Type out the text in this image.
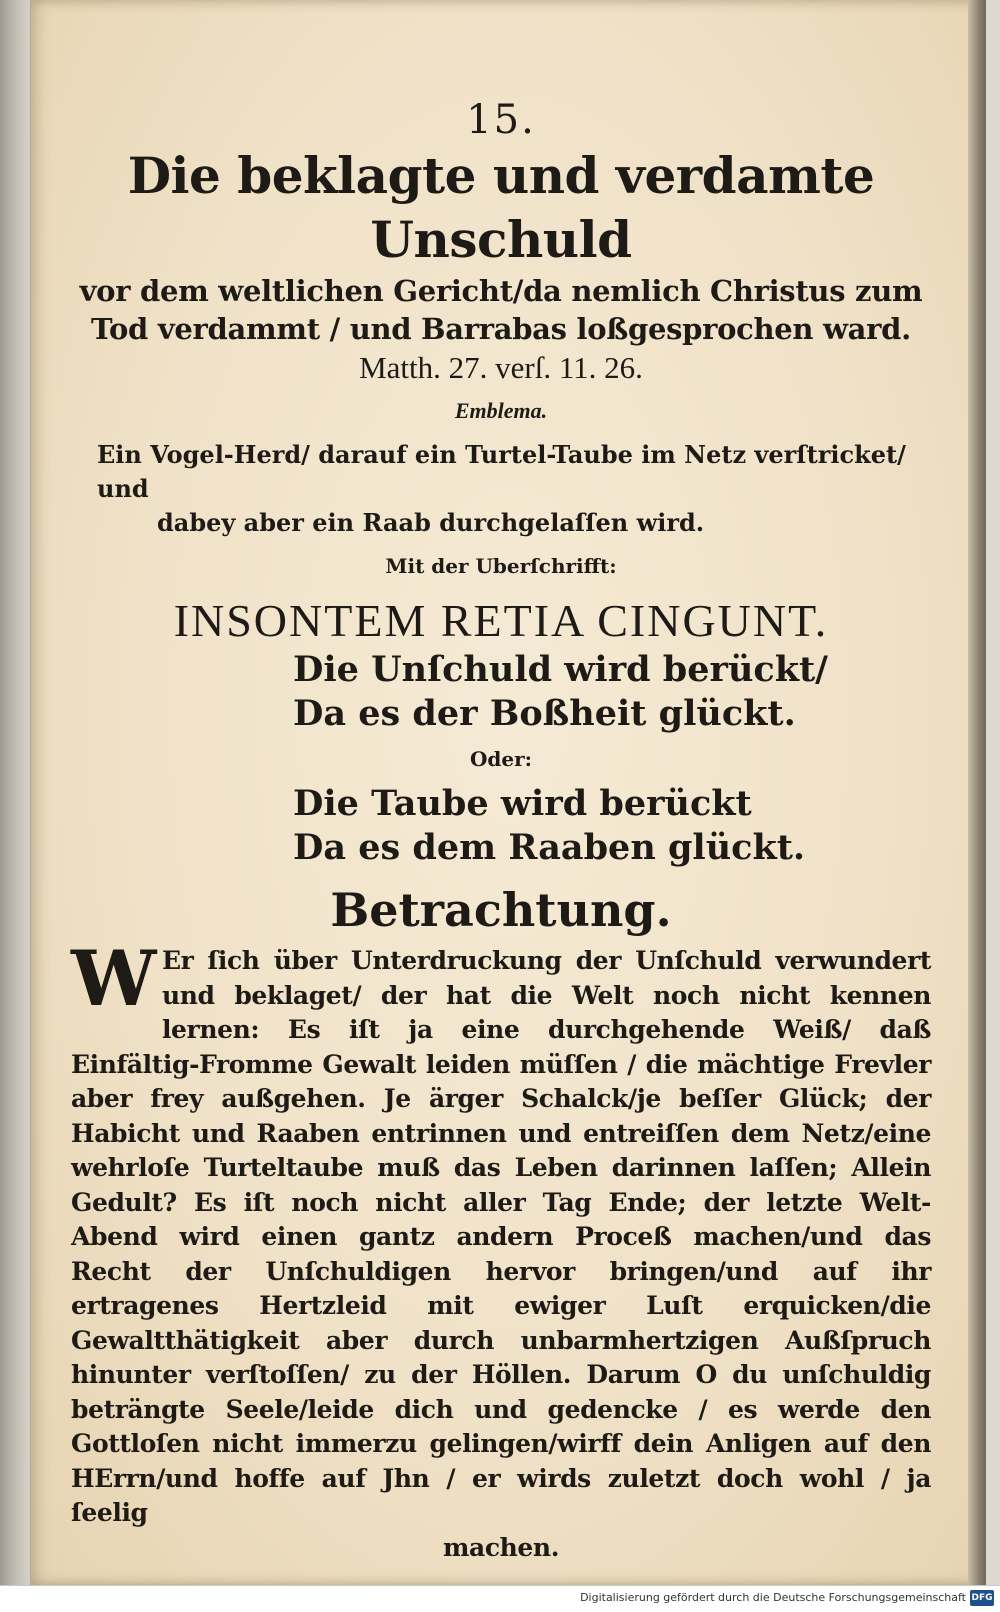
15.
Die beklagte und verdamte Unschuld
vor dem weltlichen Gericht/da nemlich Christus zum
Tod verdammt / und Barrabas loßgesprochen ward.
Matth. 27. verſ. 11. 26.
Emblema.
Ein Vogel-Herd/ darauf ein Turtel-Taube im Netz verſtricket/ und
dabey aber ein Raab durchgelaſſen wird.
Mit der Uberſchrifft:
INSONTEM RETIA CINGUNT.
Die Unſchuld wird berückt/
Da es der Boßheit glückt.
Oder:
Die Taube wird berückt
Da es dem Raaben glückt.
Betrachtung.
W Er ſich über Unterdruckung der Unſchuld verwundert und beklaget/ der hat die Welt noch nicht kennen lernen: Es iſt ja eine durchgehende Weiß/ daß Einfältig-Fromme Gewalt leiden müſſen / die mächtige Frevler aber frey außgehen. Je ärger Schalck/je beſſer Glück; der Habicht und Raaben entrinnen und entreiſſen dem Netz/eine wehrloſe Turteltaube muß das Leben darinnen laſſen; Allein Gedult? Es iſt noch nicht aller Tag Ende; der letzte Welt-Abend wird einen gantz andern Proceß machen/und das Recht der Unſchuldigen hervor bringen/und auf ihr ertragenes Hertzleid mit ewiger Luſt erquicken/die Gewaltthätigkeit aber durch unbarmhertzigen Außſpruch hinunter verſtoſſen/ zu der Höllen. Darum O du unſchuldig beträngte Seele/leide dich und gedencke / es werde den Gottloſen nicht immerzu gelingen/wirff dein Anligen auf den HErrn/und hoffe auf Jhn / er wirds zuletzt doch wohl / ja ſeelig
machen.
Digitalisierung gefördert durch die Deutsche Forschungsgemeinschaft DFG
